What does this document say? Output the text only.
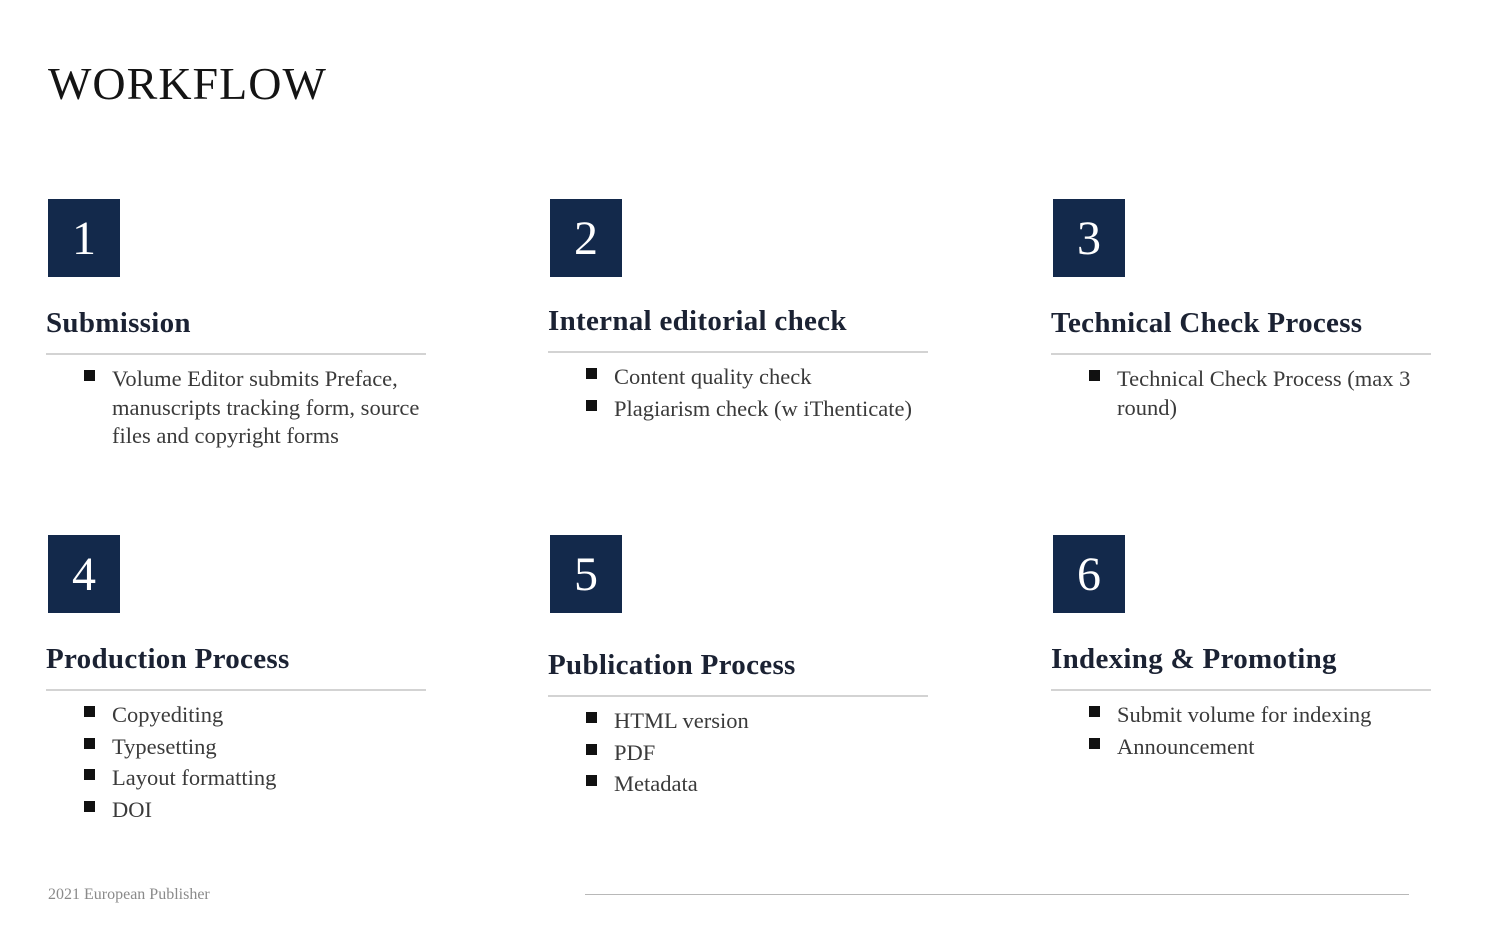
WORKFLOW
1
Submission
Volume Editor submits Preface, manuscripts tracking form, source files and copyright forms
2
Internal editorial check
Content quality check
Plagiarism check (w iThenticate)
3
Technical Check Process
Technical Check Process (max 3 round)
4
Production Process
Copyediting
Typesetting
Layout formatting
DOI
5
Publication Process
HTML version
PDF
Metadata
6
Indexing & Promoting
Submit volume for indexing
Announcement
2021 European Publisher
